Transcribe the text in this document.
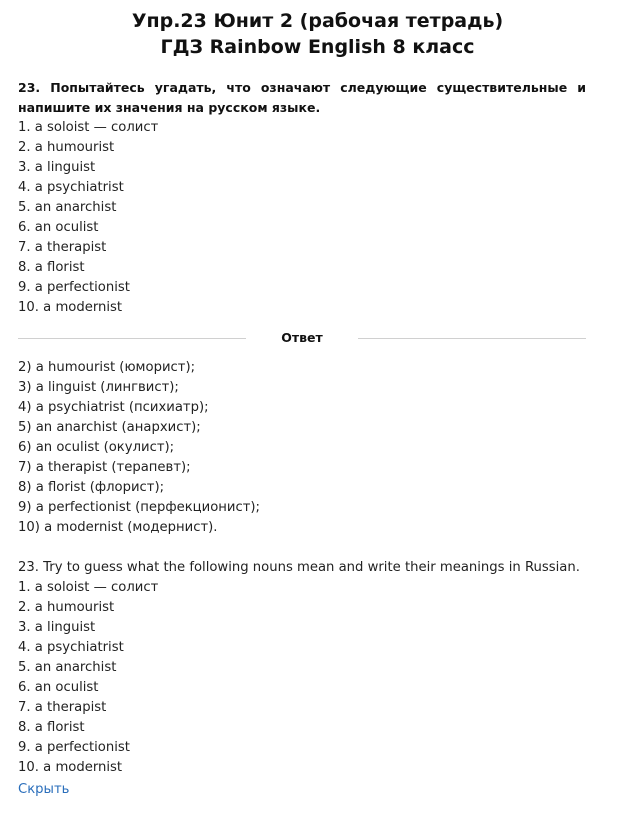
Упр.23 Юнит 2 (рабочая тетрадь)
ГДЗ Rainbow English 8 класс

23. Попытайтесь угадать, что означают следующие существительные и напишите их значения на русском языке.

1. a soloist — солист
2. a humourist
3. a linguist
4. a psychiatrist
5. an anarchist
6. an oculist
7. a therapist
8. a florist
9. a perfectionist
10. a modernist
Ответ
2) a humourist (юморист);
3) a linguist (лингвист);
4) a psychiatrist (психиатр);
5) an anarchist (анархист);
6) an oculist (окулист);
7) a therapist (терапевт);
8) a florist (флорист);
9) a perfectionist (перфекционист);
10) a modernist (модернист).
23. Try to guess what the following nouns mean and write their meanings in Russian.
1. a soloist — солист
2. a humourist
3. a linguist
4. a psychiatrist
5. an anarchist
6. an oculist
7. a therapist
8. a florist
9. a perfectionist
10. a modernist
Скрыть
